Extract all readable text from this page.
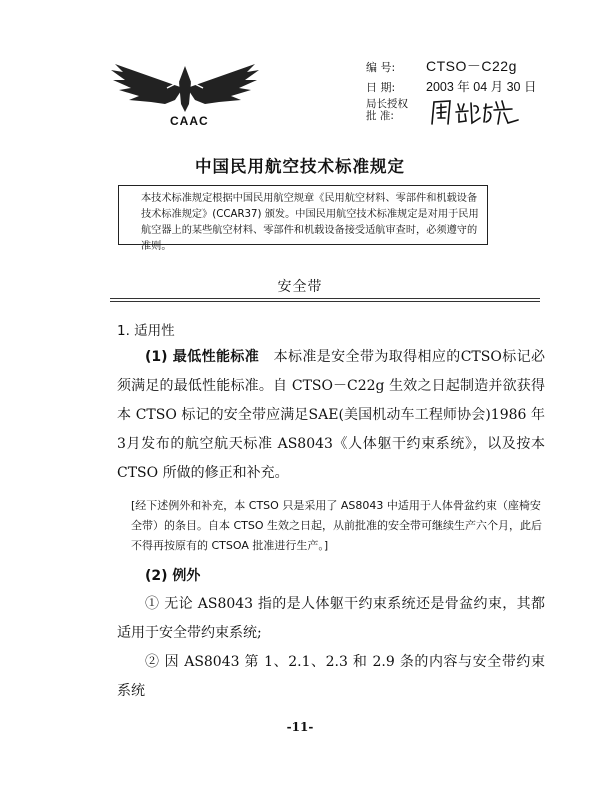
CAAC
编 号:	CTSO－C22g
日 期:	2003 年 04 月 30 日
局长授权
批 准:
中国民用航空技术标准规定
本技术标准规定根据中国民用航空规章《民用航空材料、零部件和机载设备技术标准规定》(CCAR37) 颁发。中国民用航空技术标准规定是对用于民用航空器上的某些航空材料、零部件和机载设备接受适航审查时，必须遵守的准则。
安全带
1. 适用性
(1) 最低性能标准　 本标准是安全带为取得相应的CTSO标记必须满足的最低性能标准。自 CTSO－C22g 生效之日起制造并欲获得本 CTSO 标记的安全带应满足SAE(美国机动车工程师协会)1986 年 3月发布的航空航天标准 AS8043《人体躯干约束系统》，以及按本 CTSO 所做的修正和补充。
[经下述例外和补充，本 CTSO 只是采用了 AS8043 中适用于人体骨盆约束（座椅安全带）的条目。自本 CTSO 生效之日起，从前批准的安全带可继续生产六个月，此后不得再按原有的 CTSOA 批准进行生产。]
(2) 例外
① 无论 AS8043 指的是人体躯干约束系统还是骨盆约束，其都适用于安全带约束系统;
② 因 AS8043 第 1、2.1、2.3 和 2.9 条的内容与安全带约束系统
-11-
